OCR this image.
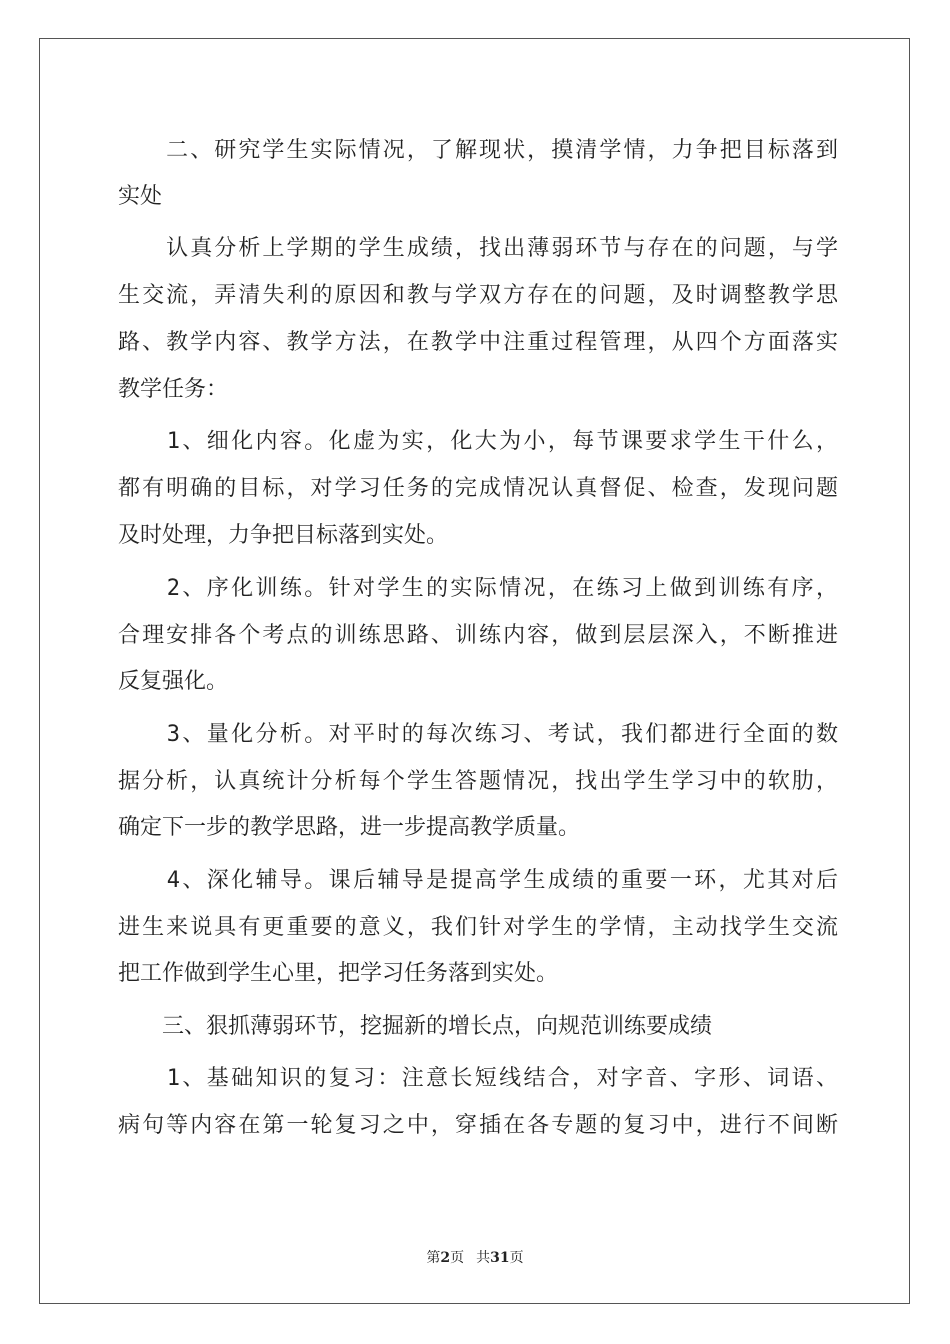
　　二、研究学生实际情况，了解现状，摸清学情，力争把目标落到
实处
　　认真分析上学期的学生成绩，找出薄弱环节与存在的问题，与学
生交流，弄清失利的原因和教与学双方存在的问题，及时调整教学思
路、教学内容、教学方法，在教学中注重过程管理，从四个方面落实
教学任务：
　　1、细化内容。化虚为实，化大为小，每节课要求学生干什么，
都有明确的目标，对学习任务的完成情况认真督促、检查，发现问题
及时处理，力争把目标落到实处。
　　2、序化训练。针对学生的实际情况，在练习上做到训练有序，
合理安排各个考点的训练思路、训练内容，做到层层深入，不断推进
反复强化。
　　3、量化分析。对平时的每次练习、考试，我们都进行全面的数
据分析，认真统计分析每个学生答题情况，找出学生学习中的软肋，
确定下一步的教学思路，进一步提高教学质量。
　　4、深化辅导。课后辅导是提高学生成绩的重要一环，尤其对后
进生来说具有更重要的意义，我们针对学生的学情，主动找学生交流
把工作做到学生心里，把学习任务落到实处。
　　三、狠抓薄弱环节，挖掘新的增长点，向规范训练要成绩
　　1、基础知识的复习：注意长短线结合，对字音、字形、词语、
病句等内容在第一轮复习之中，穿插在各专题的复习中，进行不间断
第2页 共31页
